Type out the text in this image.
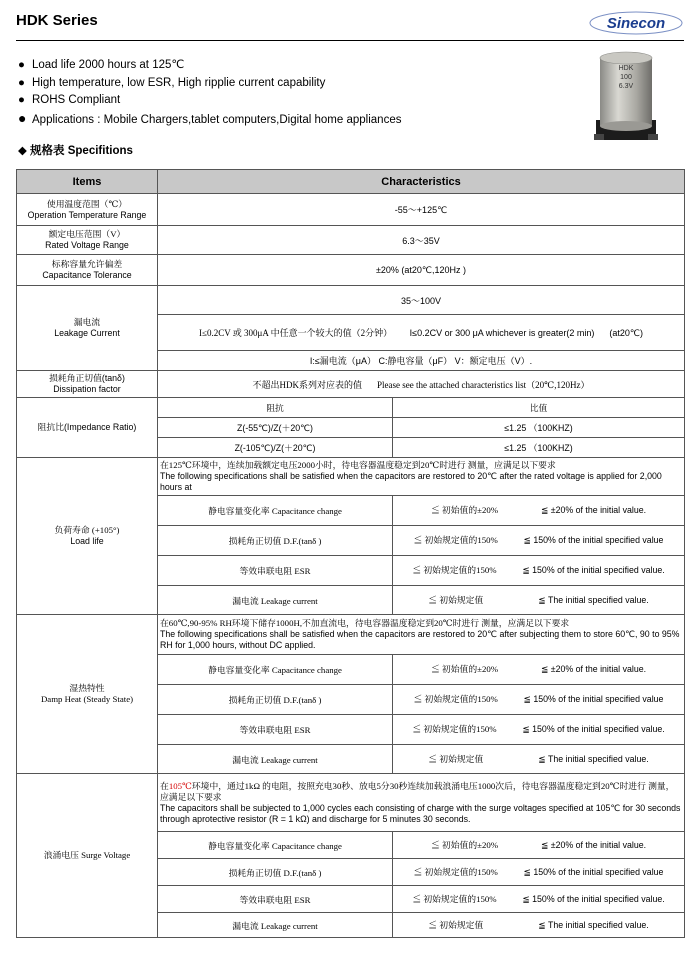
HDK Series	Sinecon
● Load life 2000 hours at 125℃
● High temperature, low ESR, High ripplie current capability
● ROHS Compliant
● Applications : Mobile Chargers,tablet computers,Digital home appliances
HDK
100
6.3V
◆ 规格表 Specifitions
Items	Characteristics	
使用温度范围（℃）
Operation Temperature Range	-55～+125℃	
额定电压范围（V）
Rated Voltage Range	6.3～35V	
标称容量允许偏差
Capacitance Tolerance	±20% (at20℃,120Hz )	
漏电流
Leakage Current	35～100V	
	I≤0.2CV 或 300μA 中任意一个较大的值（2分钟） I≤0.2CV or 300 μA whichever is greater(2 min) (at20℃)	
	I:≤漏电流（μA） C:静电容量（μF） V：额定电压（V）.	
损耗角正切值(tanδ)
Dissipation factor	不超出HDK系列对应表的值 Please see the attached characteristics list（20℃,120Hz）	
阻抗比(Impedance Ratio)	阻抗	比值
	Z(-55℃)/Z(＋20℃)	≤1.25 （100KHZ)
	Z(-105℃)/Z(＋20℃)	≤1.25 （100KHZ)
负荷寿命 (+105°)
Load life	在125℃环境中，连续加载额定电压2000小时，待电容器温度稳定到20℃时进行 测量，应满足以下要求
The following specifications shall be satisfied when the capacitors are restored to 20℃ after the rated voltage is applied for 2,000 hours at	
	静电容量变化率 Capacitance change	≦ 初始值的±20% ≦ ±20% of the initial value.
	损耗角正切值 D.F.(tanδ )	≦ 初始规定值的150% ≦ 150% of the initial specified value
	等效串联电阻 ESR	≦ 初始规定值的150% ≦ 150% of the initial specified value.
	漏电流 Leakage current	≦ 初始规定值 ≦ The initial specified value.
湿热特性
Damp Heat (Steady State)	在60℃,90-95% RH环境下储存1000H,不加直流电，待电容器温度稳定到20℃时进行 测量，应满足以下要求
The following specifications shall be satisfied when the capacitors are restored to 20℃ after subjecting them to store 60℃, 90 to 95% RH for 1,000 hours, without DC applied.	
	静电容量变化率 Capacitance change	≦ 初始值的±20% ≦ ±20% of the initial value.
	损耗角正切值 D.F.(tanδ )	≦ 初始规定值的150% ≦ 150% of the initial specified value
	等效串联电阻 ESR	≦ 初始规定值的150% ≦ 150% of the initial specified value.
	漏电流 Leakage current	≦ 初始规定值 ≦ The initial specified value.
浪涌电压 Surge Voltage	在105℃环境中，通过1kΩ 的电阻，按照充电30秒、放电5分30秒连续加载浪涌电压1000次后，待电容器温度稳定到20℃时进行 测量，应满足以下要求
The capacitors shall be subjected to 1,000 cycles each consisting of charge with the surge voltages specified at 105℃ for 30 seconds through aprotective resistor (R = 1 kΩ) and discharge for 5 minutes 30 seconds.	
	静电容量变化率 Capacitance change	≦ 初始值的±20% ≦ ±20% of the initial value.
	损耗角正切值 D.F.(tanδ )	≦ 初始规定值的150% ≦ 150% of the initial specified value
	等效串联电阻 ESR	≦ 初始规定值的150% ≦ 150% of the initial specified value.
	漏电流 Leakage current	≦ 初始规定值 ≦ The initial specified value.
